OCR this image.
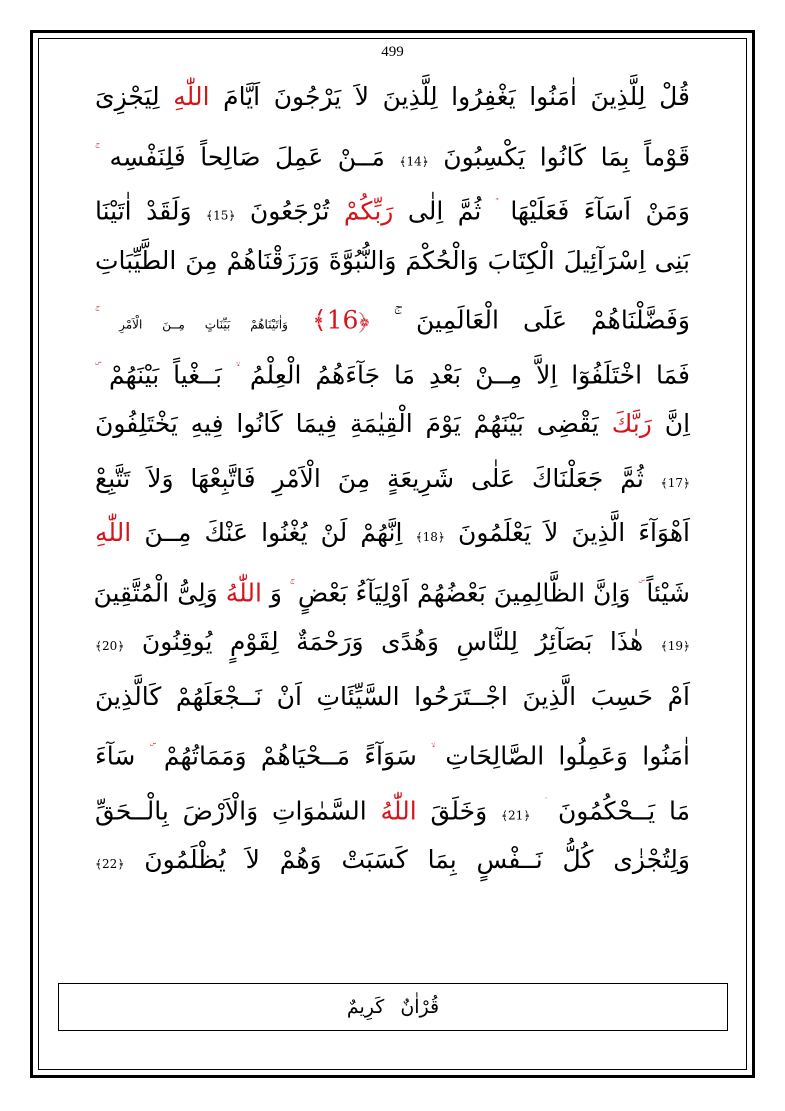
499
قُلْ لِلَّذِينَ اٰمَنُوا يَغْفِرُوا لِلَّذِينَ لاَ يَرْجُونَ اَيَّامَ اللّٰهِ لِيَجْزِىَ
قَوْماً بِمَا كَانُوا يَكْسِبُونَ ﴿14﴾ مَــنْ عَمِلَ صَالِحاً فَلِنَفْسِه
وَمَنْ اَسَآءَ فَعَلَيْهَا ثُمَّ اِلٰى رَبِّكُمْ تُرْجَعُونَ ﴿15﴾ وَلَقَدْ اٰتَيْنَا
بَنِى اِسْرَآئِيلَ الْكِتَابَ وَالْحُكْمَ وَالنُّبُوَّةَ وَرَزَقْنَاهُمْ مِنَ الطَّيِّبَاتِ
وَفَضَّلْنَاهُمْ عَلَى الْعَالَمِينَ ﴿16﴾ وَاٰتَيْنَاهُمْ بَيِّنَاتٍ مِــنَ الْاَمْرِ
فَمَا اخْتَلَفُوٓا اِلاَّ مِــنْ بَعْدِ مَا جَآءَهُمُ الْعِلْمُ بَــغْياً بَيْنَهُمْ
اِنَّ رَبَّكَ يَقْضِى بَيْنَهُمْ يَوْمَ الْقِيٰمَةِ فِيمَا كَانُوا فِيهِ يَخْتَلِفُونَ
﴿17﴾ ثُمَّ جَعَلْنَاكَ عَلٰى شَرِيعَةٍ مِنَ الْاَمْرِ فَاتَّبِعْهَا وَلاَ تَتَّبِعْ
اَهْوَآءَ الَّذِينَ لاَ يَعْلَمُونَ ﴿18﴾ اِنَّهُمْ لَنْ يُغْنُوا عَنْكَ مِــنَ اللّٰهِ
شَيْئاً وَاِنَّ الظَّالِمِينَ بَعْضُهُمْ اَوْلِيَآءُ بَعْضٍ وَ اللّٰهُ وَلِىُّ الْمُتَّقِينَ
﴿19﴾ هٰذَا بَصَآئِرُ لِلنَّاسِ وَهُدًى وَرَحْمَةٌ لِقَوْمٍ يُوقِنُونَ ﴿20﴾
اَمْ حَسِبَ الَّذِينَ اجْــتَرَحُوا السَّيِّئَاتِ اَنْ نَــجْعَلَهُمْ كَالَّذِينَ
اٰمَنُوا وَعَمِلُوا الصَّالِحَاتِ سَوَآءً مَــحْيَاهُمْ وَمَمَاتُهُمْ سَآءَ
مَا يَــحْكُمُونَ ﴿21﴾ وَخَلَقَ اللّٰهُ السَّمٰوَاتِ وَالْاَرْضَ بِالْــحَقِّ
وَلِتُجْزٰى كُلُّ نَــفْسٍ بِمَا كَسَبَتْ وَهُمْ لاَ يُظْلَمُونَ ﴿22﴾
قُرْاٰنٌ
كَرِيمٌ
